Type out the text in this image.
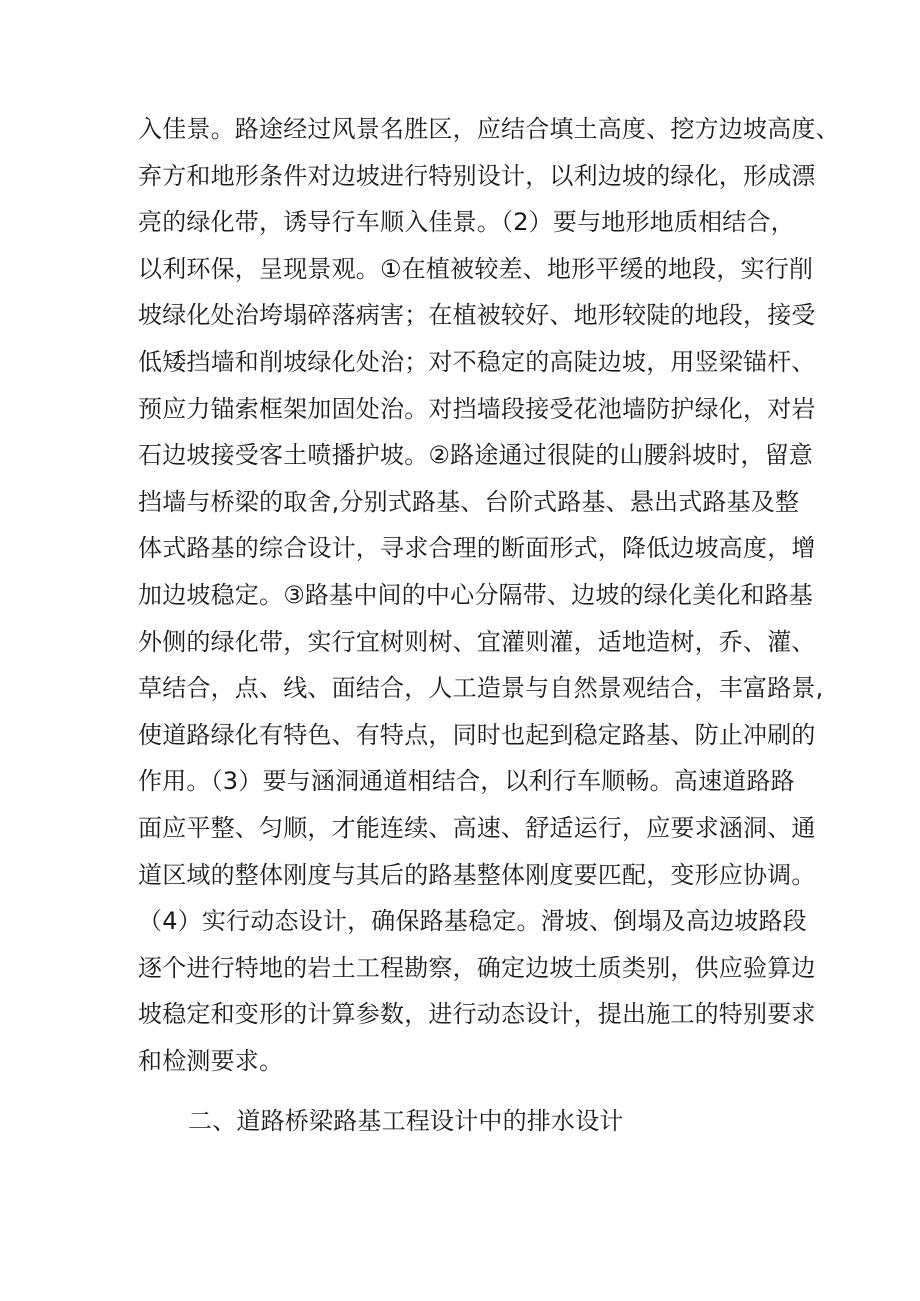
入佳景。路途经过风景名胜区，应结合填土高度、挖方边坡高度、
弃方和地形条件对边坡进行特别设计，以利边坡的绿化，形成漂
亮的绿化带，诱导行车顺入佳景。（2）要与地形地质相结合，
以利环保，呈现景观。①在植被较差、地形平缓的地段，实行削
坡绿化处治垮塌碎落病害；在植被较好、地形较陡的地段，接受
低矮挡墙和削坡绿化处治；对不稳定的高陡边坡，用竖梁锚杆、
预应力锚索框架加固处治。对挡墙段接受花池墙防护绿化，对岩
石边坡接受客土喷播护坡。②路途通过很陡的山腰斜坡时，留意
挡墙与桥梁的取舍,分别式路基、台阶式路基、悬出式路基及整
体式路基的综合设计，寻求合理的断面形式，降低边坡高度，增
加边坡稳定。③路基中间的中心分隔带、边坡的绿化美化和路基
外侧的绿化带，实行宜树则树、宜灌则灌，适地造树，乔、灌、
草结合，点、线、面结合，人工造景与自然景观结合，丰富路景,
使道路绿化有特色、有特点，同时也起到稳定路基、防止冲刷的
作用。（3）要与涵洞通道相结合，以利行车顺畅。高速道路路
面应平整、匀顺，才能连续、高速、舒适运行，应要求涵洞、通
道区域的整体刚度与其后的路基整体刚度要匹配，变形应协调。
（4）实行动态设计，确保路基稳定。滑坡、倒塌及高边坡路段
逐个进行特地的岩土工程勘察，确定边坡土质类别，供应验算边
坡稳定和变形的计算参数，进行动态设计，提出施工的特别要求
和检测要求。
二、道路桥梁路基工程设计中的排水设计
